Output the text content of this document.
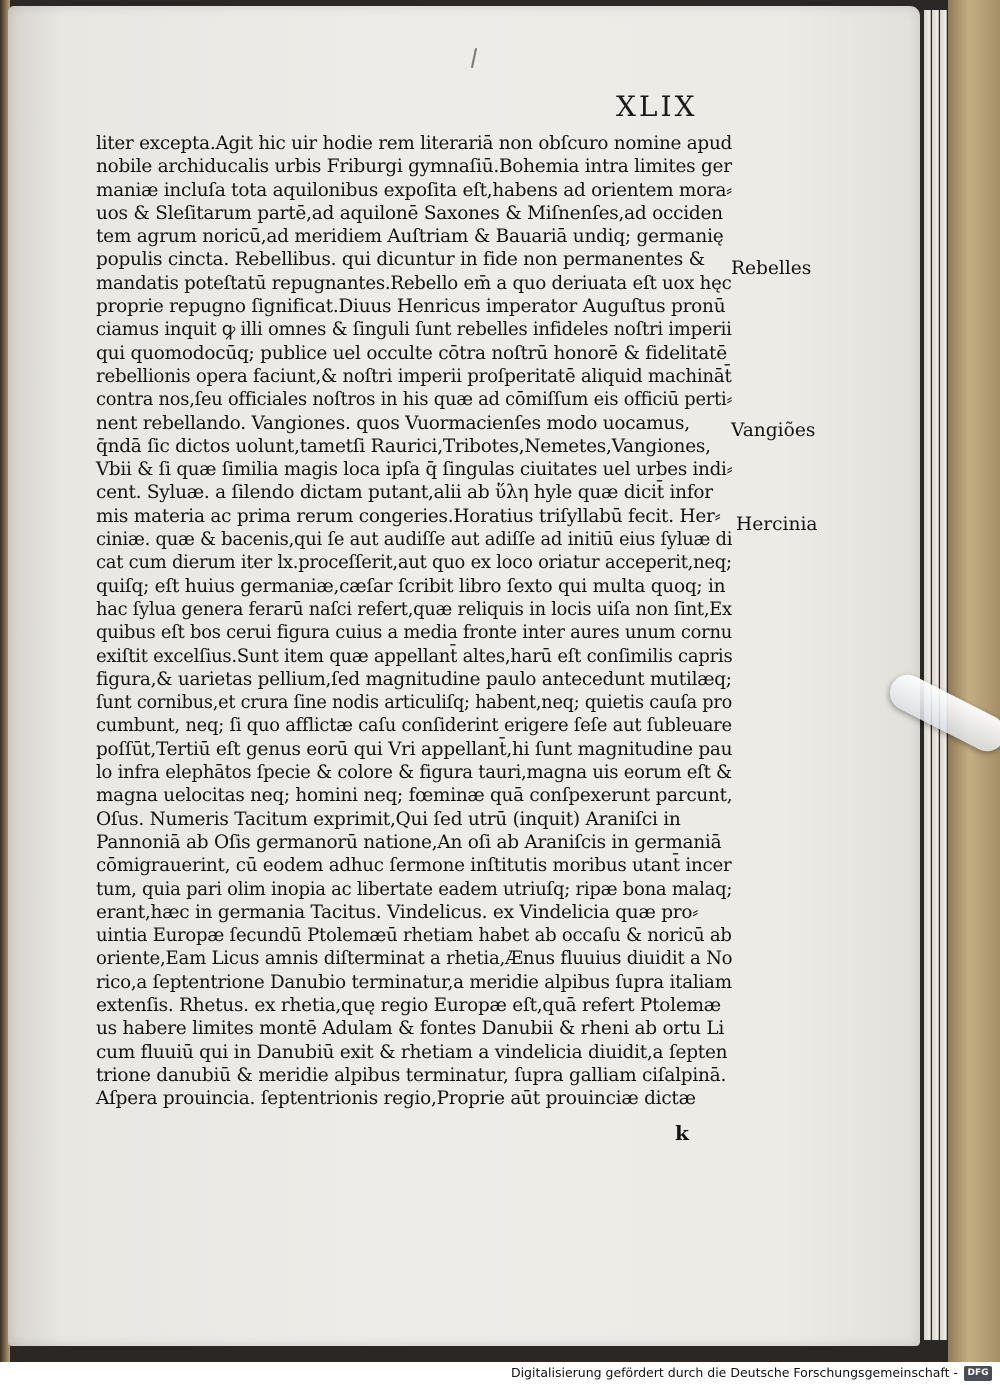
XLIX
liter excepta.Agit hic uir hodie rem literariā non obſcuro nomine apud
nobile archiducalis urbis Friburgi gymnaſiū.Bohemia intra limites ger
maniæ incluſa tota aquilonibus expoſita eſt,habens ad orientem mora⸗
uos & Sleſitarum partē,ad aquilonē Saxones & Miſnenſes,ad occiden
tem agrum noricū,ad meridiem Auſtriam & Bauariā undiq; germanię
populis cincta. Rebellibus. qui dicuntur in fide non permanentes &
mandatis poteſtatū repugnantes.Rebello em̄ a quo deriuata eſt uox hęc
proprie repugno ſignificat.Diuus Henricus imperator Auguſtus pronū
ciamus inquit ꝙ illi omnes & ſinguli ſunt rebelles infideles noſtri imperii
qui quomodocūq; publice uel occulte cōtra noſtrū honorē & fidelitatē
rebellionis opera faciunt,& noſtri imperii proſperitatē aliquid machināt̄
contra nos,ſeu officiales noſtros in his quæ ad cōmiſſum eis officiū perti⸗
nent rebellando. Vangiones. quos Vuormacienſes modo uocamus,
q̄ndā ſic dictos uolunt,tametſi Raurici,Tribotes,Nemetes,Vangiones,
Vbii & ſi quæ ſimilia magis loca ipſa q̄ ſingulas ciuitates uel urbes indi⸗
cent. Syluæ. a ſilendo dictam putant,alii ab ὕλη hyle quæ dicit̄ infor
mis materia ac prima rerum congeries.Horatius triſyllabū fecit. Her⸗
ciniæ. quæ & bacenis,qui ſe aut audiſſe aut adiſſe ad initiū eius ſyluæ di
cat cum dierum iter lx.proceſſerit,aut quo ex loco oriatur acceperit,neq;
quiſq; eſt huius germaniæ,cæſar ſcribit libro ſexto qui multa quoq; in
hac ſylua genera ferarū naſci refert,quæ reliquis in locis uiſa non ſint,Ex
quibus eſt bos cerui figura cuius a media fronte inter aures unum cornu
exiſtit excelſius.Sunt item quæ appellant̄ altes,harū eſt conſimilis capris
figura,& uarietas pellium,ſed magnitudine paulo antecedunt mutilæq;
ſunt cornibus,et crura ſine nodis articuliſq; habent,neq; quietis cauſa pro
cumbunt, neq; ſi quo afflictæ caſu conſiderint erigere ſeſe aut ſubleuare
poſſūt,Tertiū eſt genus eorū qui Vri appellant̄,hi ſunt magnitudine pau
lo infra elephātos ſpecie & colore & figura tauri,magna uis eorum eſt &
magna uelocitas neq; homini neq; fœminæ quā conſpexerunt parcunt,
Oſus. Numeris Tacitum exprimit,Qui ſed utrū (inquit) Araniſci in
Pannoniā ab Oſis germanorū natione,An oſi ab Araniſcis in germaniā
cōmigrauerint, cū eodem adhuc ſermone inſtitutis moribus utant̄ incer
tum, quia pari olim inopia ac libertate eadem utriuſq; ripæ bona malaq;
erant,hæc in germania Tacitus. Vindelicus. ex Vindelicia quæ pro⸗
uintia Europæ ſecundū Ptolemæū rhetiam habet ab occaſu & noricū ab
oriente,Eam Licus amnis diſterminat a rhetia,Ænus fluuius diuidit a No
rico,a ſeptentrione Danubio terminatur,a meridie alpibus ſupra italiam
extenſis. Rhetus. ex rhetia,quę regio Europæ eſt,quā refert Ptolemæ
us habere limites montē Adulam & fontes Danubii & rheni ab ortu Li
cum fluuiū qui in Danubiū exit & rhetiam a vindelicia diuidit,a ſepten
trione danubiū & meridie alpibus terminatur, ſupra galliam ciſalpinā.
Aſpera prouincia. ſeptentrionis regio,Proprie aūt prouinciæ dictæ
Rebelles
Vangiões
Hercinia
k
Digitalisierung gefördert durch die Deutsche Forschungsgemeinschaft -	DFG
